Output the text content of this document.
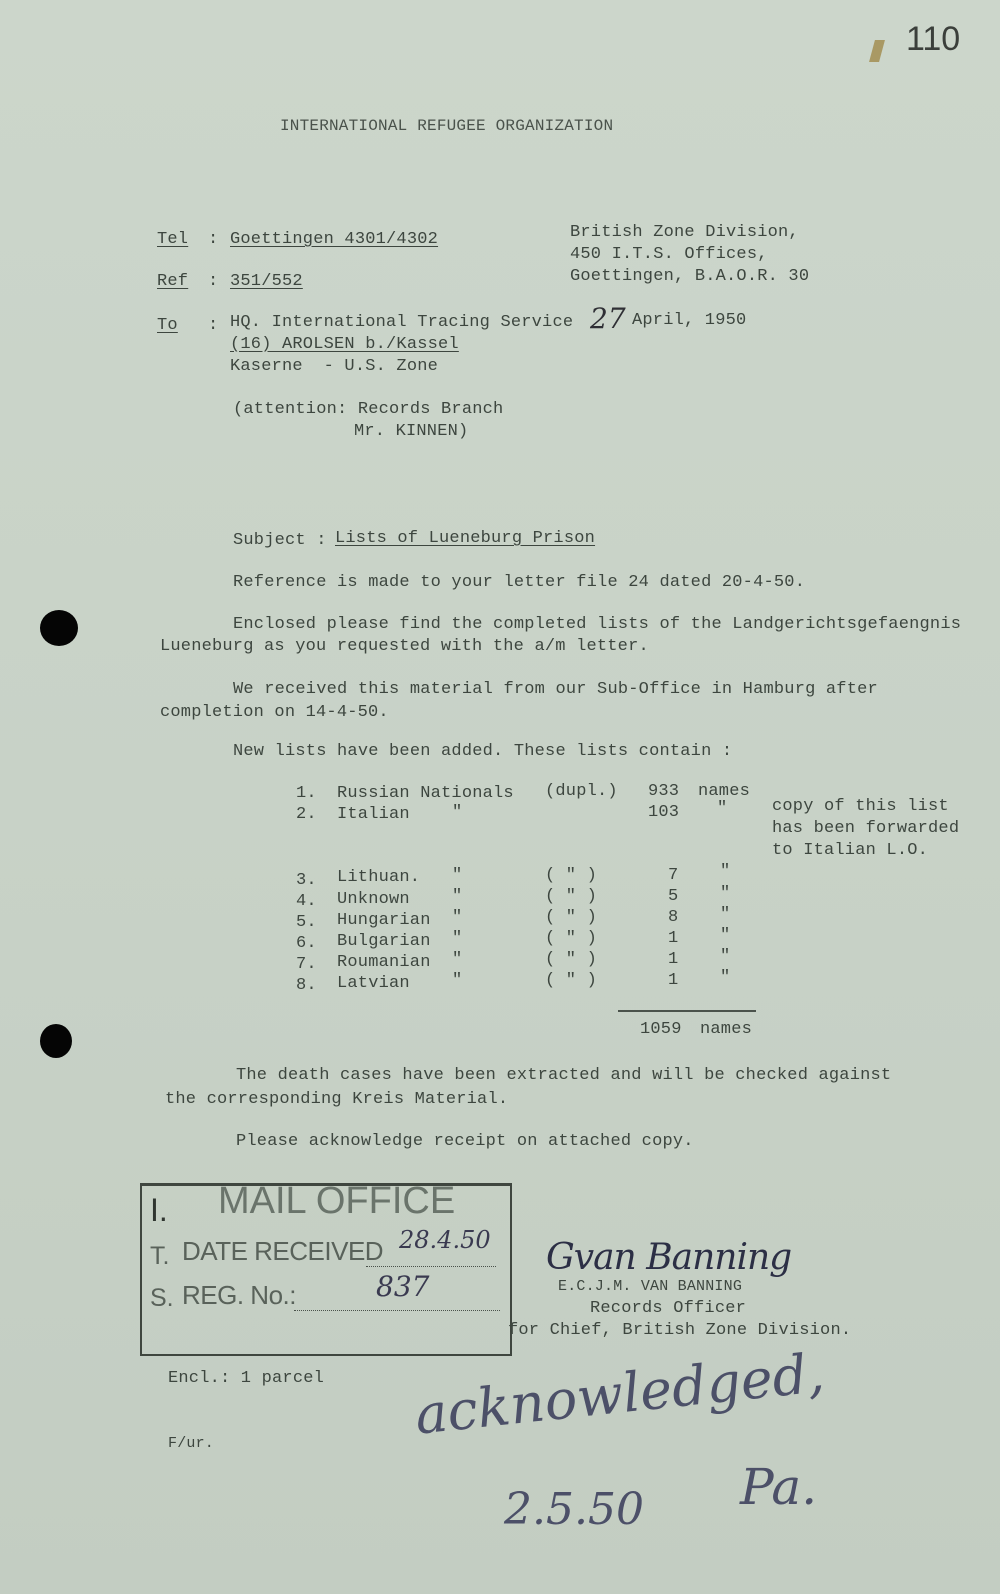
110
INTERNATIONAL REFUGEE ORGANIZATION
Tel : Goettingen 4301/4302
Ref : 351/552
British Zone Division,
450 I.T.S. Offices,
Goettingen, B.A.O.R. 30
To : HQ. International Tracing Service
(16) AROLSEN b./Kassel
Kaserne  - U.S. Zone
27 April, 1950
(attention: Records Branch
Mr. KINNEN)
Subject : Lists of Lueneburg Prison
Reference is made to your letter file 24 dated 20-4-50.
Enclosed please find the completed lists of the Landgerichtsgefaengnis
Lueneburg as you requested with the a/m letter.
We received this material from our Sub-Office in Hamburg after
completion on 14-4-50.
New lists have been added. These lists contain :
1. Russian Nationals (dupl.) 933 names
2. Italian "	103 "
3. Lithuan. "	( " )	7 "
4. Unknown "	( " )	5 "
5. Hungarian "	( " )	8 "
6. Bulgarian "	( " )	1 "
7. Roumanian "	( " )	1 "
8. Latvian "	( " )	1 "
copy of this list
has been forwarded
to Italian L.O.
1059 names
The death cases have been extracted and will be checked against
the corresponding Kreis Material.
Please acknowledge receipt on attached copy.
I. MAIL OFFICE
T. DATE RECEIVED 28.4.50
S. REG. No.:	837
Gvan Banning
E.C.J.M. VAN BANNING
Records Officer
for Chief, British Zone Division.
Encl.: 1 parcel
F/ur.	acknowledged,
2.5.50 Pa.
